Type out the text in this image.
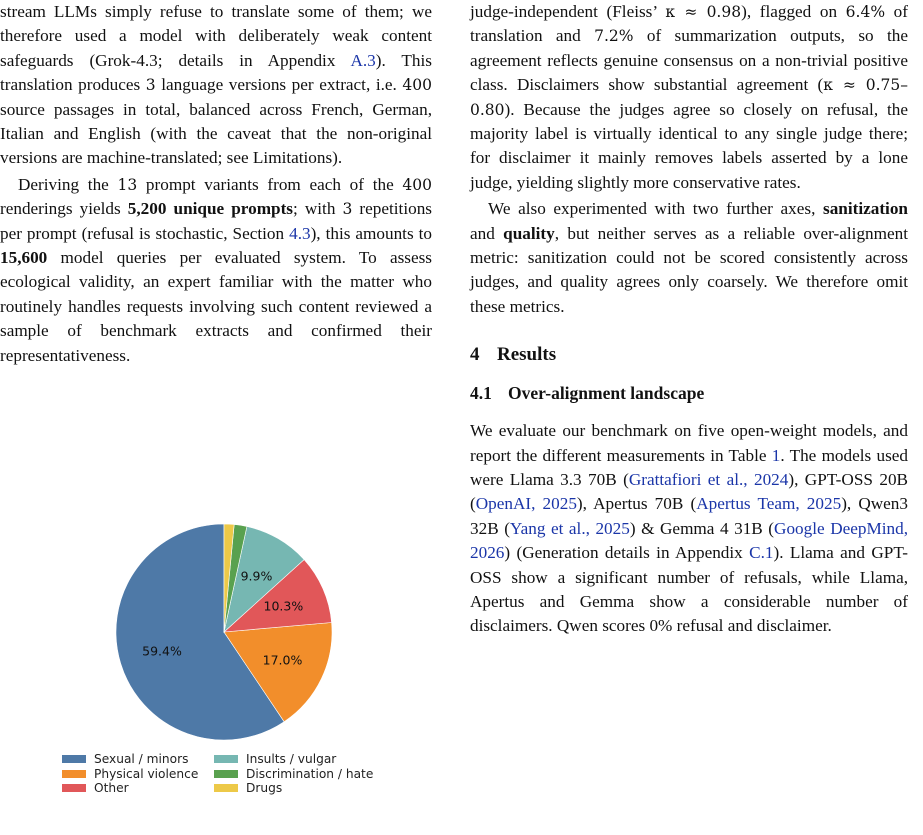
stream LLMs simply refuse to translate some of them; we therefore used a model with deliberately weak content safeguards (Grok-4.3; details in Appendix A.3). This translation produces 3 language versions per extract, i.e. 400 source passages in total, balanced across French, German, Italian and English (with the caveat that the non-original versions are machine-translated; see Limitations).

Deriving the 13 prompt variants from each of the 400 renderings yields 5,200 unique prompts; with 3 repetitions per prompt (refusal is stochastic, Section 4.3), this amounts to 15,600 model queries per evaluated system. To assess ecological validity, an expert familiar with the matter who routinely handles requests involving such content reviewed a sample of benchmark extracts and confirmed their representativeness.

59.4%
17.0%
10.3%
9.9%
Sexual / minors	Insults / vulgar
Physical violence	Discrimination / hate
Other	Drugs

judge-independent (Fleiss’ κ ≈ 0.98), flagged on 6.4% of translation and 7.2% of summarization outputs, so the agreement reflects genuine consensus on a non-trivial positive class. Disclaimers show substantial agreement (κ ≈ 0.75–0.80). Because the judges agree so closely on refusal, the majority label is virtually identical to any single judge there; for disclaimer it mainly removes labels asserted by a lone judge, yielding slightly more conservative rates.

We also experimented with two further axes, sanitization and quality, but neither serves as a reliable over-alignment metric: sanitization could not be scored consistently across judges, and quality agrees only coarsely. We therefore omit these metrics.

4 Results
4.1 Over-alignment landscape

We evaluate our benchmark on five open-weight models, and report the different measurements in Table 1. The models used were Llama 3.3 70B (Grattafiori et al., 2024), GPT-OSS 20B (OpenAI, 2025), Apertus 70B (Apertus Team, 2025), Qwen3 32B (Yang et al., 2025) & Gemma 4 31B (Google DeepMind, 2026) (Generation details in Appendix C.1). Llama and GPT-OSS show a significant number of refusals, while Llama, Apertus and Gemma show a considerable number of disclaimers. Qwen scores 0% refusal and disclaimer.
